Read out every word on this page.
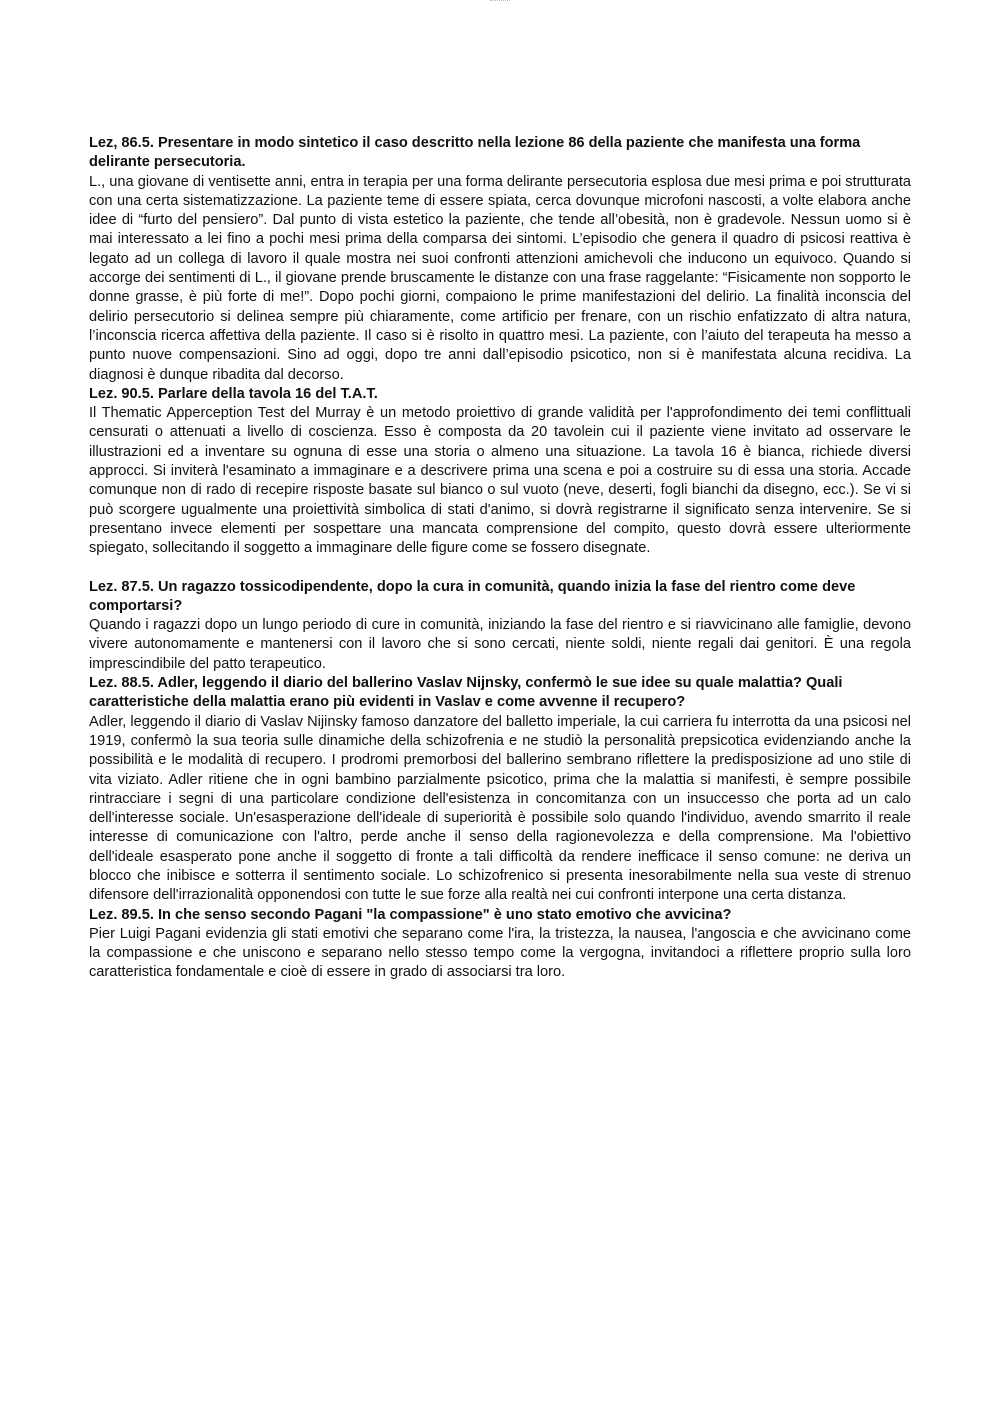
Lez, 86.5. Presentare in modo sintetico il caso descritto nella lezione 86 della paziente che manifesta una forma delirante persecutoria.

L., una giovane di ventisette anni, entra in terapia per una forma delirante persecutoria esplosa due mesi prima e poi strutturata con una certa sistematizzazione. La paziente teme di essere spiata, cerca dovunque microfoni nascosti, a volte elabora anche idee di “furto del pensiero”. Dal punto di vista estetico la paziente, che tende all’obesità, non è gradevole. Nessun uomo si è mai interessato a lei fino a pochi mesi prima della comparsa dei sintomi. L’episodio che genera il quadro di psicosi reattiva è legato ad un collega di lavoro il quale mostra nei suoi confronti attenzioni amichevoli che inducono un equivoco. Quando si accorge dei sentimenti di L., il giovane prende bruscamente le distanze con una frase raggelante: “Fisicamente non sopporto le donne grasse, è più forte di me!”. Dopo pochi giorni, compaiono le prime manifestazioni del delirio. La finalità inconscia del delirio persecutorio si delinea sempre più chiaramente, come artificio per frenare, con un rischio enfatizzato di altra natura, l’inconscia ricerca affettiva della paziente. Il caso si è risolto in quattro mesi. La paziente, con l’aiuto del terapeuta ha messo a punto nuove compensazioni. Sino ad oggi, dopo tre anni dall’episodio psicotico, non si è manifestata alcuna recidiva. La diagnosi è dunque ribadita dal decorso.

Lez. 90.5. Parlare della tavola 16 del T.A.T.

Il Thematic Apperception Test del Murray è un metodo proiettivo di grande validità per l'approfondimento dei temi conflittuali censurati o attenuati a livello di coscienza. Esso è composta da 20 tavolein cui il paziente viene invitato ad osservare le illustrazioni ed a inventare su ognuna di esse una storia o almeno una situazione. La tavola 16 è bianca, richiede diversi approcci. Si inviterà l'esaminato a immaginare e a descrivere prima una scena e poi a costruire su di essa una storia. Accade comunque non di rado di recepire risposte basate sul bianco o sul vuoto (neve, deserti, fogli bianchi da disegno, ecc.). Se vi si può scorgere ugualmente una proiettività simbolica di stati d'animo, si dovrà registrarne il significato senza intervenire. Se si presentano invece elementi per sospettare una mancata comprensione del compito, questo dovrà essere ulteriormente spiegato, sollecitando il soggetto a immaginare delle figure come se fossero disegnate.

Lez. 87.5. Un ragazzo tossicodipendente, dopo la cura in comunità, quando inizia la fase del rientro come deve comportarsi?

Quando i ragazzi dopo un lungo periodo di cure in comunità, iniziando la fase del rientro e si riavvicinano alle famiglie, devono vivere autonomamente e mantenersi con il lavoro che si sono cercati, niente soldi, niente regali dai genitori. È una regola imprescindibile del patto terapeutico.

Lez. 88.5. Adler, leggendo il diario del ballerino Vaslav Nijnsky, confermò le sue idee su quale malattia? Quali caratteristiche della malattia erano più evidenti in Vaslav e come avvenne il recupero?

Adler, leggendo il diario di Vaslav Nijinsky famoso danzatore del balletto imperiale, la cui carriera fu interrotta da una psicosi nel 1919, confermò la sua teoria sulle dinamiche della schizofrenia e ne studiò la personalità prepsicotica evidenziando anche la possibilità e le modalità di recupero. I prodromi premorbosi del ballerino sembrano riflettere la predisposizione ad uno stile di vita viziato. Adler ritiene che in ogni bambino parzialmente psicotico, prima che la malattia si manifesti, è sempre possibile rintracciare i segni di una particolare condizione dell'esistenza in concomitanza con un insuccesso che porta ad un calo dell'interesse sociale. Un'esasperazione dell'ideale di superiorità è possibile solo quando l'individuo, avendo smarrito il reale interesse di comunicazione con l'altro, perde anche il senso della ragionevolezza e della comprensione. Ma l'obiettivo dell'ideale esasperato pone anche il soggetto di fronte a tali difficoltà da rendere inefficace il senso comune: ne deriva un blocco che inibisce e sotterra il sentimento sociale. Lo schizofrenico si presenta inesorabilmente nella sua veste di strenuo difensore dell'irrazionalità opponendosi con tutte le sue forze alla realtà nei cui confronti interpone una certa distanza.

Lez. 89.5. In che senso secondo Pagani "la compassione" è uno stato emotivo che avvicina?

Pier Luigi Pagani evidenzia gli stati emotivi che separano come l'ira, la tristezza, la nausea, l'angoscia e che avvicinano come la compassione e che uniscono e separano nello stesso tempo come la vergogna, invitandoci a riflettere proprio sulla loro caratteristica fondamentale e cioè di essere in grado di associarsi tra loro.
